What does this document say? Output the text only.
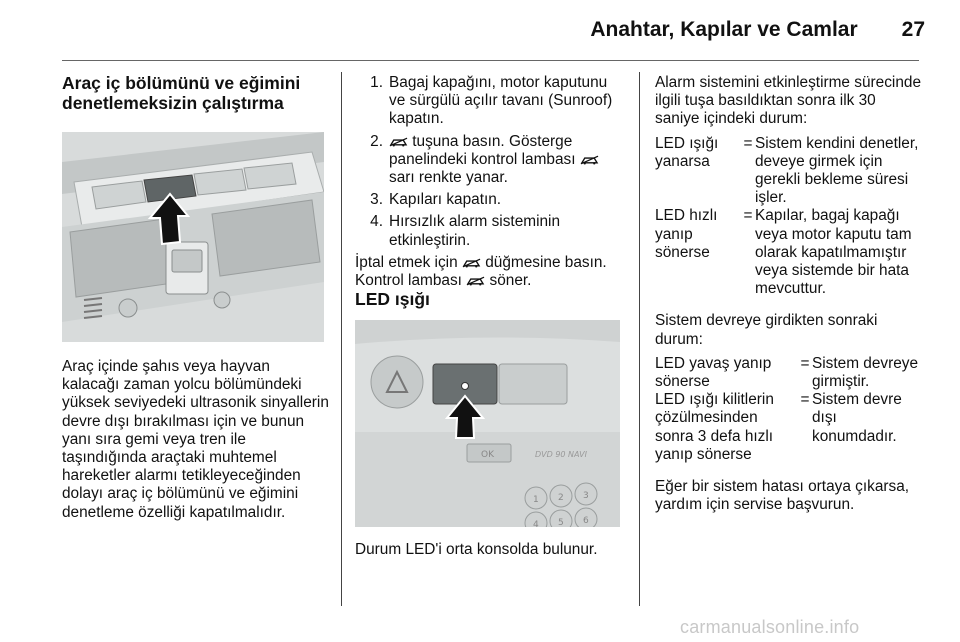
Anahtar, Kapılar ve Camlar 27
Araç iç bölümünü ve eğimini denetlemeksizin çalıştırma

Araç içinde şahıs veya hayvan kalacağı zaman yolcu bölümündeki yüksek seviyedeki ultrasonik sinyallerin devre dışı bırakılması için ve bunun yanı sıra gemi veya tren ile taşındığında araçtaki muhtemel hareketler alarmı tetikleyeceğinden dolayı araç iç bölümünü ve eğimini denetleme özelliği kapatılmalıdır.

1. Bagaj kapağını, motor kaputunu ve sürgülü açılır tavanı (Sunroof) kapatın.
2.	tuşuna basın. Gösterge panelindeki kontrol lambası
sarı renkte yanar.
3. Kapıları kapatın.
4. Hırsızlık alarm sisteminin etkinleştirin.

İptal etmek için düğmesine basın. Kontrol lambası söner.

LED ışığı
OK	DVD 90 NAVI
1 2 3
4 5 6

Durum LED'i orta konsolda bulunur.

Alarm sistemini etkinleştirme sürecinde ilgili tuşa basıldıktan sonra ilk 30 saniye içindeki durum:

LED ışığı yanarsa
= Sistem kendini denetler, deveye girmek için gerekli bekleme süresi işler.
LED hızlı yanıp sönerse
= Kapılar, bagaj kapağı veya motor kaputu tam olarak kapatılmamıştır veya sistemde bir hata mevcuttur.

Sistem devreye girdikten sonraki durum:

LED yavaş yanıp sönerse
= Sistem devreye girmiştir.
LED ışığı kilitlerin çözülmesinden sonra 3 defa hızlı yanıp sönerse
= Sistem devre dışı konumdadır.

Eğer bir sistem hatası ortaya çıkarsa, yardım için servise başvurun.

carmanualsonline.info
